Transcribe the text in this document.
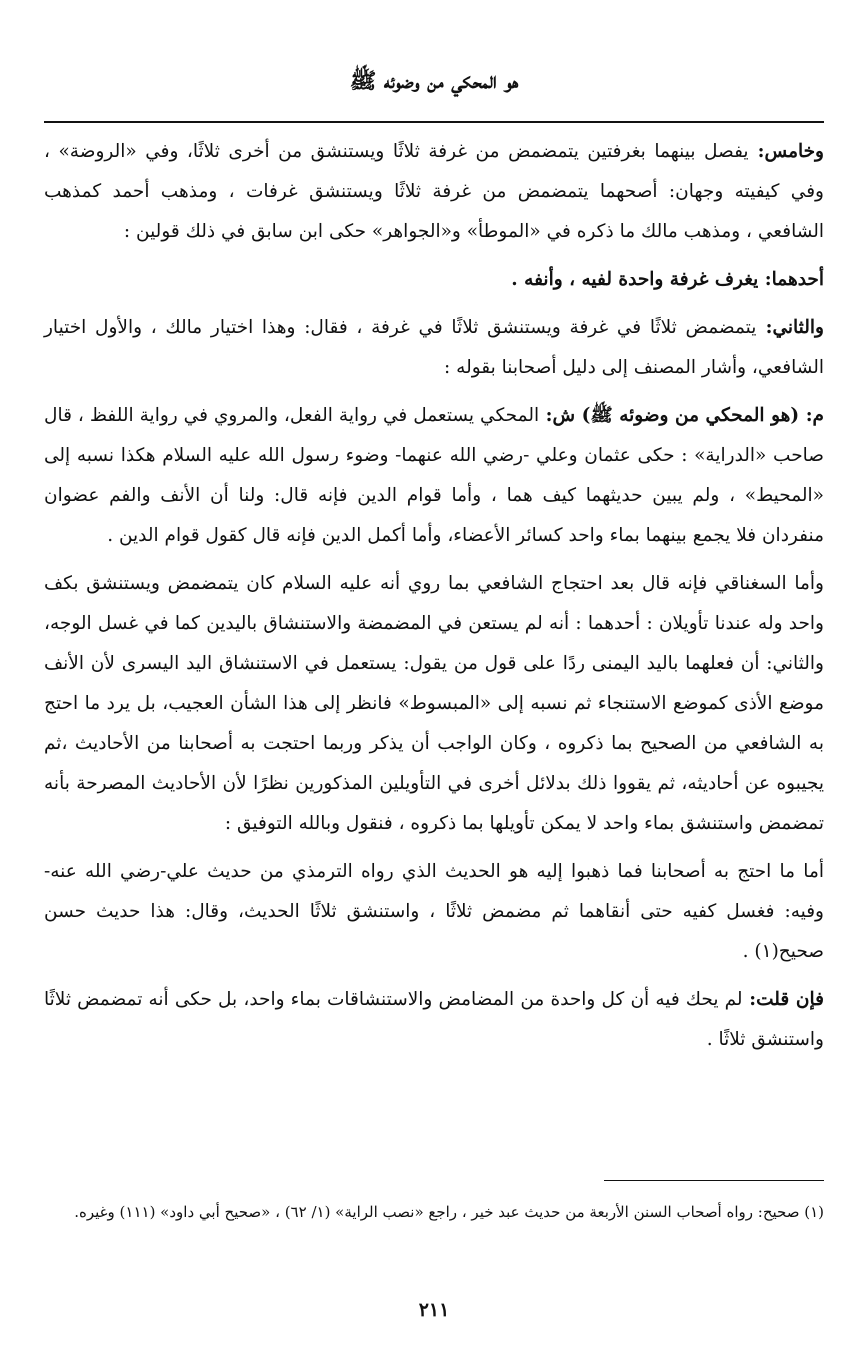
هو المحكي من وضوئه ﷺ

وخامس: يفصل بينهما بغرفتين يتمضمض من غرفة ثلاثًا ويستنشق من أخرى ثلاثًا، وفي «الروضة» ، وفي كيفيته وجهان: أصحهما يتمضمض من غرفة ثلاثًا ويستنشق غرفات ، ومذهب أحمد كمذهب الشافعي ، ومذهب مالك ما ذكره في «الموطأ» و«الجواهر» حكى ابن سابق في ذلك قولين :

أحدهما: يغرف غرفة واحدة لفيه ، وأنفه .

والثاني: يتمضمض ثلاثًا في غرفة ويستنشق ثلاثًا في غرفة ، فقال: وهذا اختيار مالك ، والأول اختيار الشافعي، وأشار المصنف إلى دليل أصحابنا بقوله :

م: (هو المحكي من وضوئه ﷺ) ش: المحكي يستعمل في رواية الفعل، والمروي في رواية اللفظ ، قال صاحب «الدراية» : حكى عثمان وعلي -رضي الله عنهما- وضوء رسول الله عليه السلام هكذا نسبه إلى «المحيط» ، ولم يبين حديثهما كيف هما ، وأما قوام الدين فإنه قال: ولنا أن الأنف والفم عضوان منفردان فلا يجمع بينهما بماء واحد كسائر الأعضاء، وأما أكمل الدين فإنه قال كقول قوام الدين .

وأما السغناقي فإنه قال بعد احتجاج الشافعي بما روي أنه عليه السلام كان يتمضمض ويستنشق بكف واحد وله عندنا تأويلان : أحدهما : أنه لم يستعن في المضمضة والاستنشاق باليدين كما في غسل الوجه، والثاني: أن فعلهما باليد اليمنى ردًا على قول من يقول: يستعمل في الاستنشاق اليد اليسرى لأن الأنف موضع الأذى كموضع الاستنجاء ثم نسبه إلى «المبسوط» فانظر إلى هذا الشأن العجيب، بل يرد ما احتج به الشافعي من الصحيح بما ذكروه ، وكان الواجب أن يذكر وربما احتجت به أصحابنا من الأحاديث ،ثم يجيبوه عن أحاديثه، ثم يقووا ذلك بدلائل أخرى في التأويلين المذكورين نظرًا لأن الأحاديث المصرحة بأنه تمضمض واستنشق بماء واحد لا يمكن تأويلها بما ذكروه ، فنقول وبالله التوفيق :

أما ما احتج به أصحابنا فما ذهبوا إليه هو الحديث الذي رواه الترمذي من حديث علي-رضي الله عنه- وفيه: فغسل كفيه حتى أنقاهما ثم مضمض ثلاثًا ، واستنشق ثلاثًا الحديث، وقال: هذا حديث حسن صحيح(١) .

فإن قلت: لم يحك فيه أن كل واحدة من المضامض والاستنشاقات بماء واحد، بل حكى أنه تمضمض ثلاثًا واستنشق ثلاثًا .

(١) صحيح: رواه أصحاب السنن الأربعة من حديث عبد خير ، راجع «نصب الراية» (١/ ٦٢) ، «صحيح أبي داود» (١١١) وغيره.
٢١١
